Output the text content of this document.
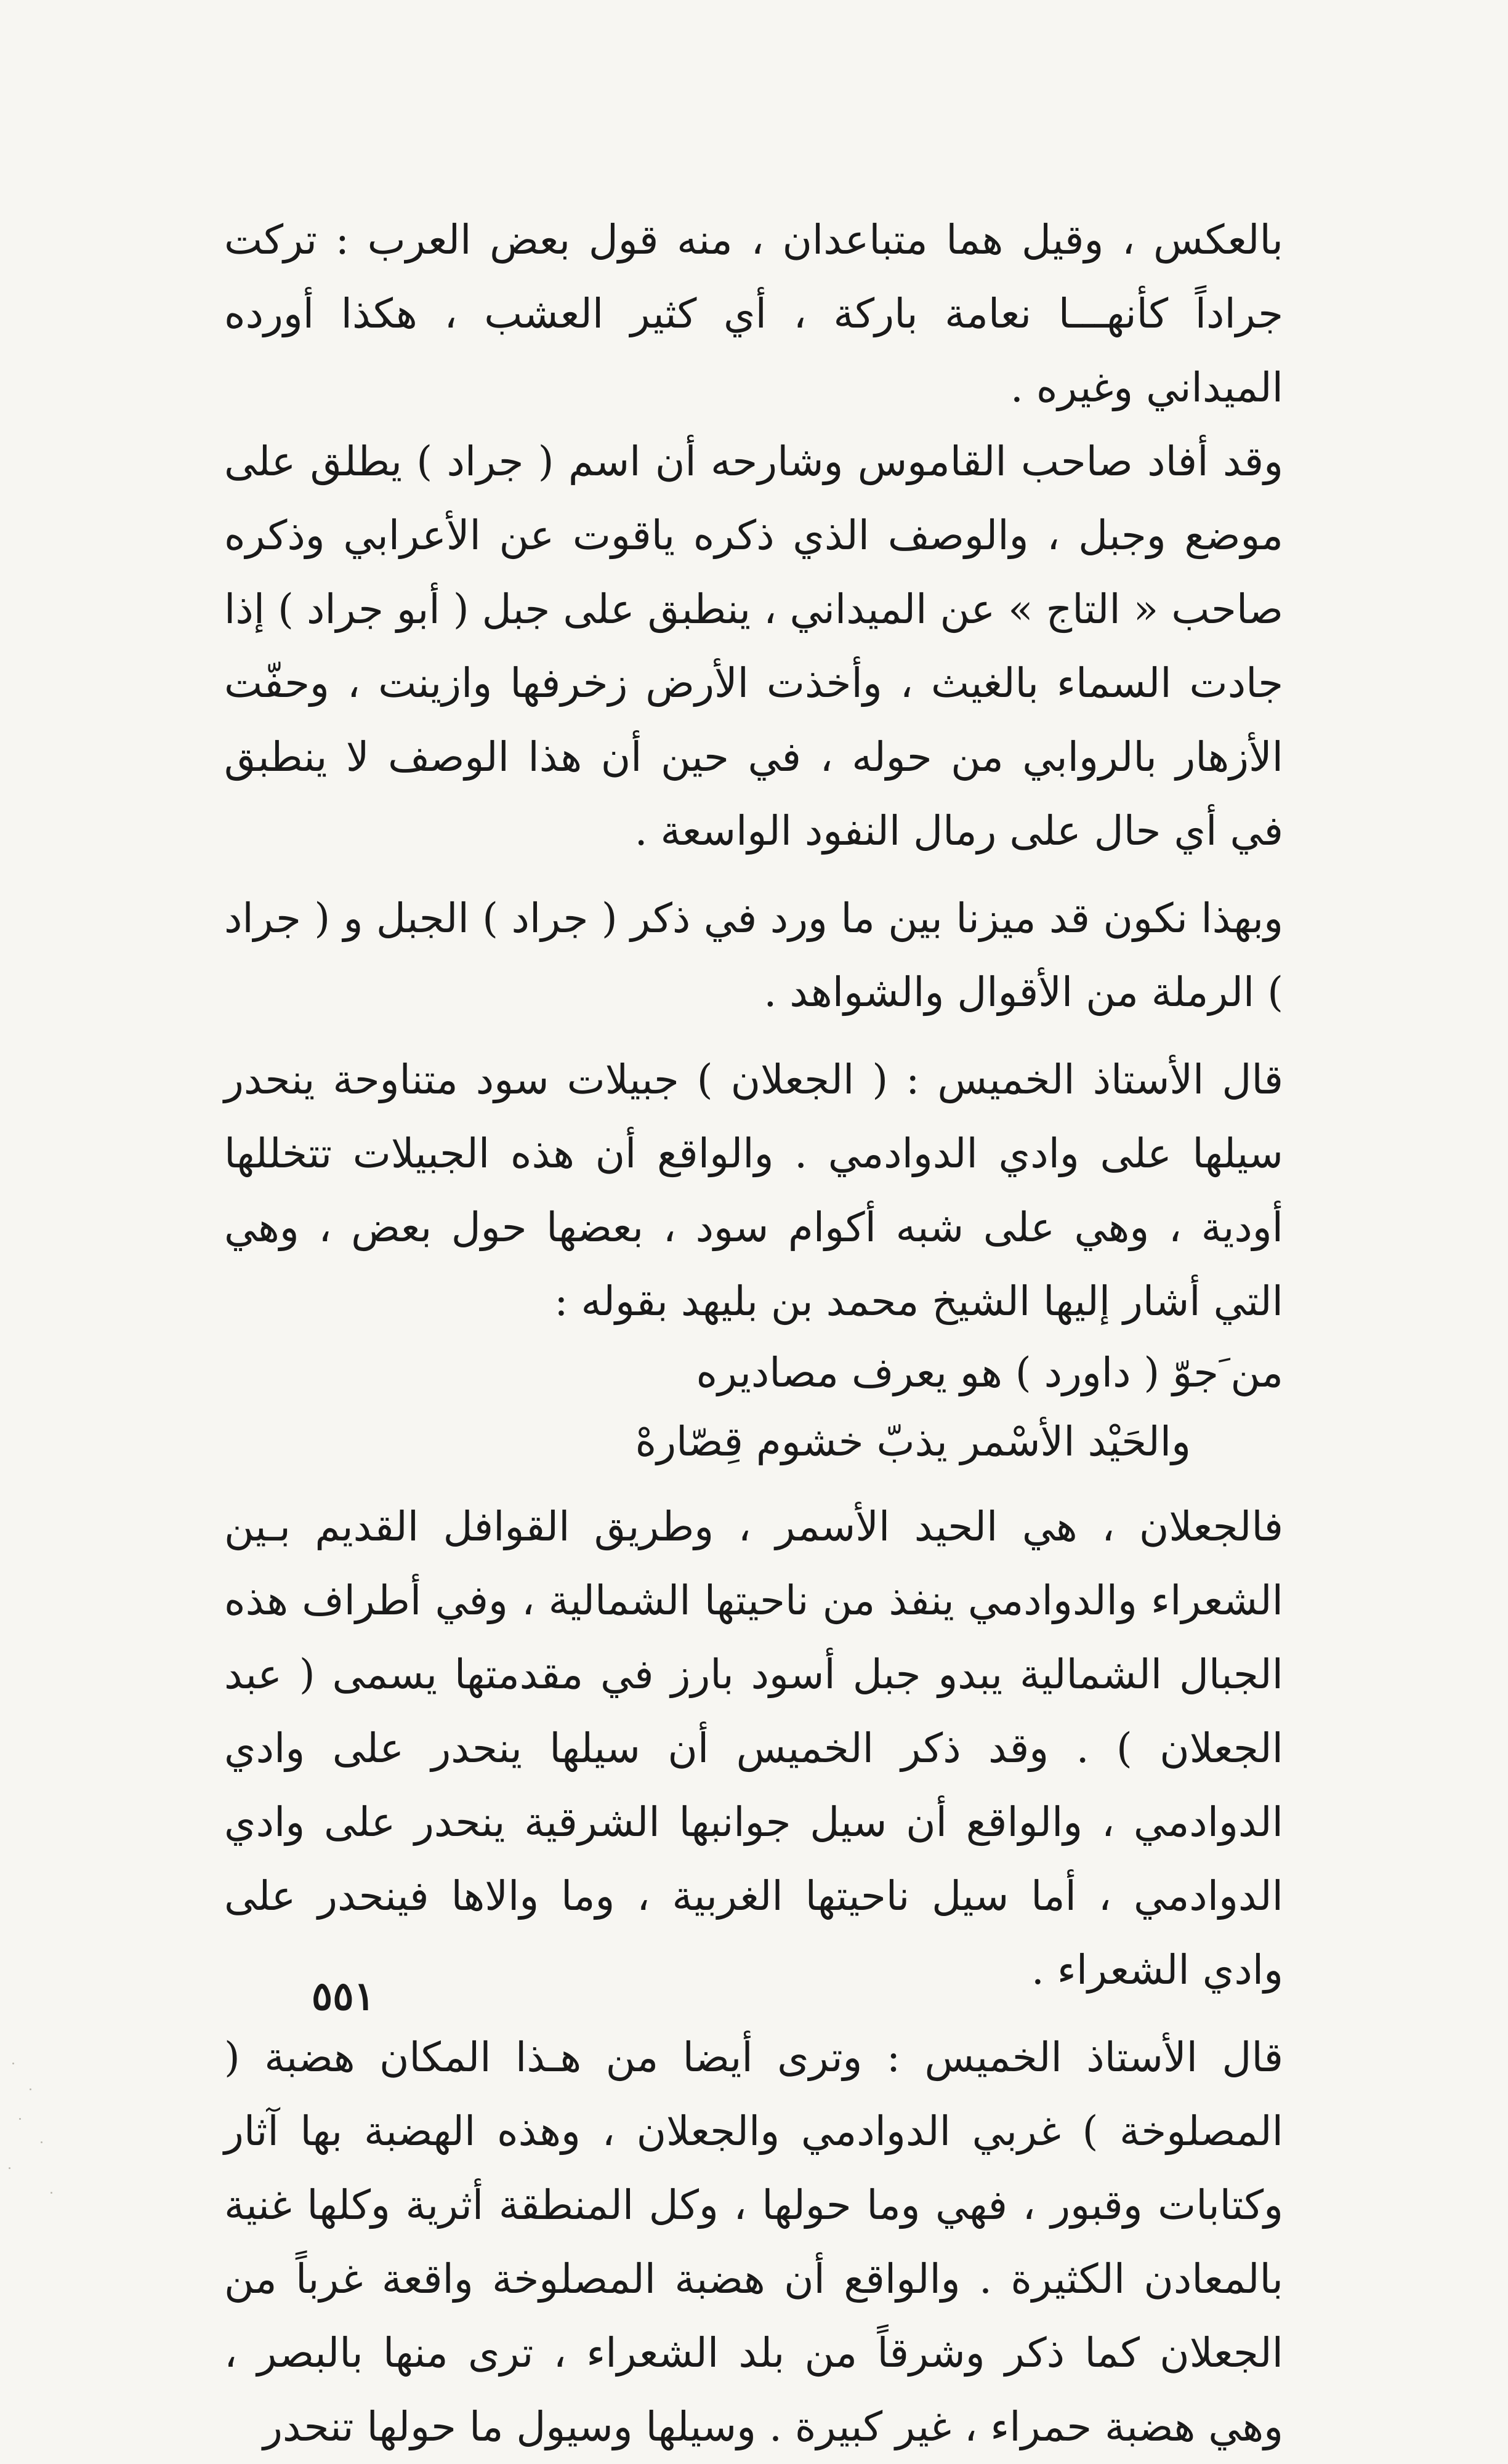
بالعكس ، وقيل هما متباعدان ، منه قول بعض العرب : تركت جراداً كأنهـــا نعامة باركة ، أي كثير العشب ، هكذا أورده الميداني وغيره .

وقد أفاد صاحب القاموس وشارحه أن اسم ( جراد ) يطلق على موضع وجبل ، والوصف الذي ذكره ياقوت عن الأعرابي وذكره صاحب « التاج » عن الميداني ، ينطبق على جبل ( أبو جراد ) إذا جادت السماء بالغيث ، وأخذت الأرض زخرفها وازينت ، وحفّت الأزهار بالروابي من حوله ، في حين أن هذا الوصف لا ينطبق في أي حال على رمال النفود الواسعة .

وبهذا نكون قد ميزنا بين ما ورد في ذكر ( جراد ) الجبل و ( جراد ) الرملة من الأقوال والشواهد .

قال الأستاذ الخميس : ( الجعلان ) جبيلات سود متناوحة ينحدر سيلها على وادي الدوادمي . والواقع أن هذه الجبيلات تتخللها أودية ، وهي على شبه أكوام سود ، بعضها حول بعض ، وهي التي أشار إليها الشيخ محمد بن بليهد بقوله :

من َجوّ ( داورد ) هو يعرف مصاديره
والحَيْد الأسْمر يذبّ خشوم قِصّارهْ

فالجعلان ، هي الحيد الأسمر ، وطريق القوافل القديم بـين الشعراء والدوادمي ينفذ من ناحيتها الشمالية ، وفي أطراف هذه الجبال الشمالية يبدو جبل أسود بارز في مقدمتها يسمى ( عبد الجعلان ) . وقد ذكر الخميس أن سيلها ينحدر على وادي الدوادمي ، والواقع أن سيل جوانبها الشرقية ينحدر على وادي الدوادمي ، أما سيل ناحيتها الغربية ، وما والاها فينحدر على وادي الشعراء .

قال الأستاذ الخميس : وترى أيضا من هـذا المكان هضبة ( المصلوخة ) غربي الدوادمي والجعلان ، وهذه الهضبة بها آثار وكتابات وقبور ، فهي وما حولها ، وكل المنطقة أثرية وكلها غنية بالمعادن الكثيرة . والواقع أن هضبة المصلوخة واقعة غرباً من الجعلان كما ذكر وشرقاً من بلد الشعراء ، ترى منها بالبصر ، وهي هضبة حمراء ، غير كبيرة . وسيلها وسيول ما حولها تنحدر

٥٥١
